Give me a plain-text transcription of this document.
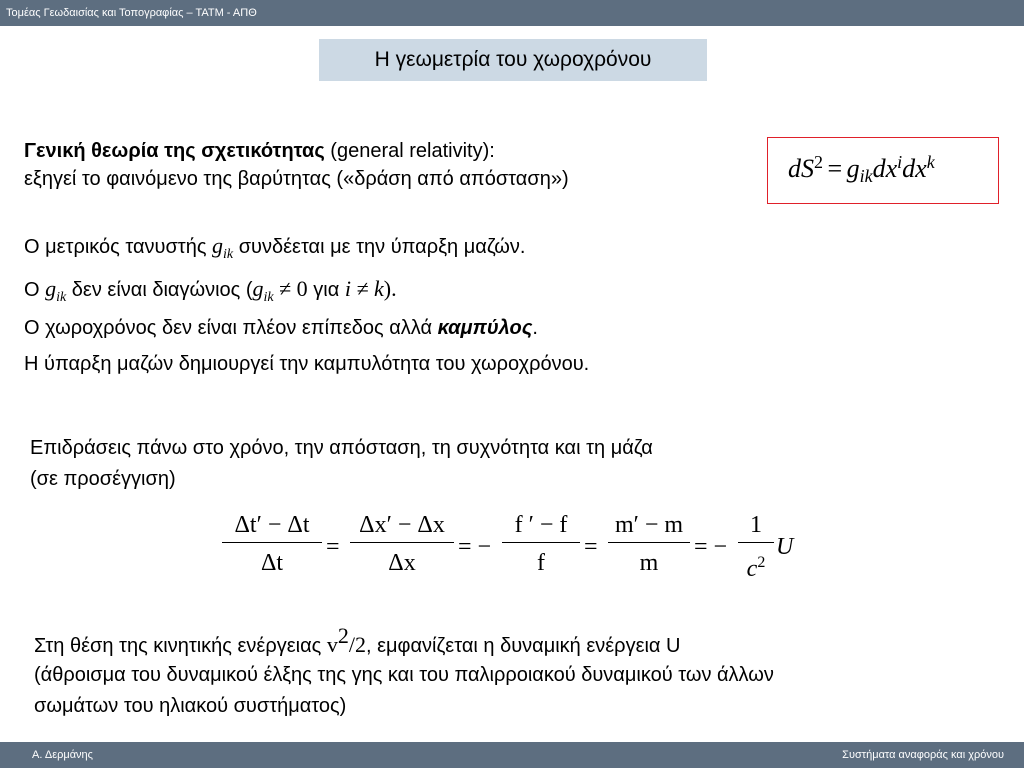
Τομέας Γεωδαισίας και Τοπογραφίας – ΤΑΤΜ - ΑΠΘ
Η γεωμετρία του χωροχρόνου
Γενική θεωρία της σχετικότητας (general relativity):
εξηγεί το φαινόμενο της βαρύτητας («δράση από απόσταση»)	$dS^2 = g_{ik}dx^idx^k$
Ο μετρικός τανυστής $g_{ik}$ συνδέεται με την ύπαρξη μαζών.
Ο $g_{ik}$ δεν είναι διαγώνιος ($g_{ik} \ne 0$ για i ≠ k).
Ο χωροχρόνος δεν είναι πλέον επίπεδος αλλά καμπύλος.
Η ύπαρξη μαζών δημιουργεί την καμπυλότητα του χωροχρόνου.
Επιδράσεις πάνω στο χρόνο, την απόσταση, τη συχνότητα και τη μάζα
(σε προσέγγιση)
Δt′ − Δt
Δt
=
Δx′ − Δx
Δx
= −
f ′ − f
f
=
m′ − m
m
= −
1
$c^2$
U
Στη θέση της κινητικής ενέργειας $v^2/2$, εμφανίζεται η δυναμική ενέργεια U
(άθροισμα του δυναμικού έλξης της γης και του παλιρροιακού δυναμικού των άλλων
σωμάτων του ηλιακού συστήματος)
Α. Δερμάνης	Συστήματα αναφοράς και χρόνου
